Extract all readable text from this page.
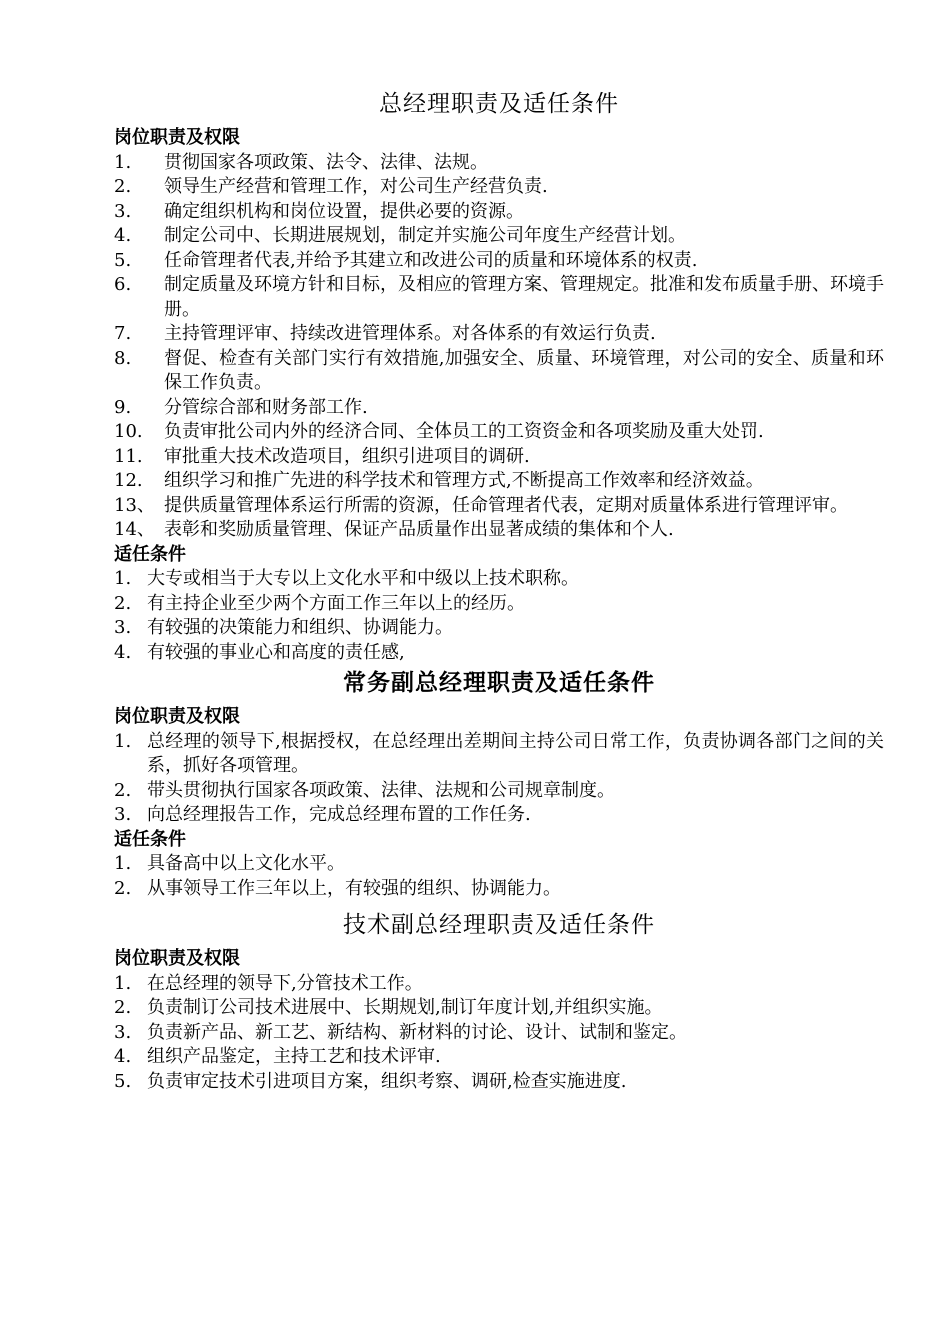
总经理职责及适任条件
岗位职责及权限
1.	贯彻国家各项政策、法令、法律、法规。
2.	领导生产经营和管理工作，对公司生产经营负责.
3.	确定组织机构和岗位设置，提供必要的资源。
4.	制定公司中、长期进展规划，制定并实施公司年度生产经营计划。
5.	任命管理者代表,并给予其建立和改进公司的质量和环境体系的权责.
6.	制定质量及环境方针和目标，及相应的管理方案、管理规定。批准和发布质量手册、环境手册。
7.	主持管理评审、持续改进管理体系。对各体系的有效运行负责.
8.	督促、检查有关部门实行有效措施,加强安全、质量、环境管理，对公司的安全、质量和环保工作负责。
9.	分管综合部和财务部工作.
10.	负责审批公司内外的经济合同、全体员工的工资资金和各项奖励及重大处罚.
11.	审批重大技术改造项目，组织引进项目的调研.
12.	组织学习和推广先进的科学技术和管理方式,不断提高工作效率和经济效益。
13、 提供质量管理体系运行所需的资源，任命管理者代表，定期对质量体系进行管理评审。
14、 表彰和奖励质量管理、保证产品质量作出显著成绩的集体和个人.
适任条件
1. 大专或相当于大专以上文化水平和中级以上技术职称。
2. 有主持企业至少两个方面工作三年以上的经历。
3. 有较强的决策能力和组织、协调能力。
4. 有较强的事业心和高度的责任感,
常务副总经理职责及适任条件
岗位职责及权限
1. 总经理的领导下,根据授权，在总经理出差期间主持公司日常工作，负责协调各部门之间的关系，抓好各项管理。
2. 带头贯彻执行国家各项政策、法律、法规和公司规章制度。
3. 向总经理报告工作，完成总经理布置的工作任务.
适任条件
1. 具备高中以上文化水平。
2. 从事领导工作三年以上，有较强的组织、协调能力。
技术副总经理职责及适任条件
岗位职责及权限
1. 在总经理的领导下,分管技术工作。
2. 负责制订公司技术进展中、长期规划,制订年度计划,并组织实施。
3. 负责新产品、新工艺、新结构、新材料的讨论、设计、试制和鉴定。
4. 组织产品鉴定，主持工艺和技术评审.
5. 负责审定技术引进项目方案，组织考察、调研,检查实施进度.
